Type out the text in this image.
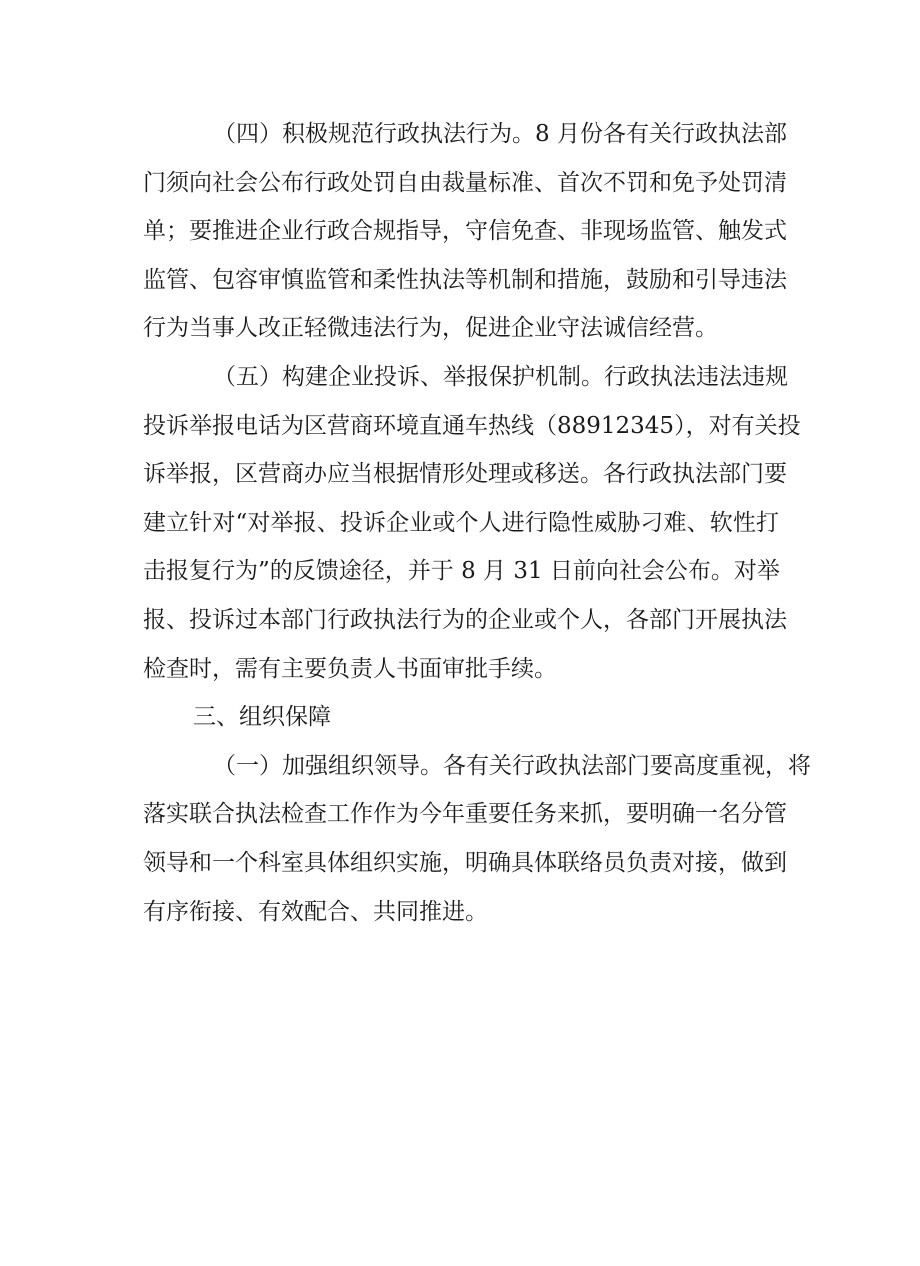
（四）积极规范行政执法行为。8 月份各有关行政执法部
门须向社会公布行政处罚自由裁量标准、首次不罚和免予处罚清
单；要推进企业行政合规指导，守信免查、非现场监管、触发式
监管、包容审慎监管和柔性执法等机制和措施，鼓励和引导违法
行为当事人改正轻微违法行为，促进企业守法诚信经营。
（五）构建企业投诉、举报保护机制。行政执法违法违规
投诉举报电话为区营商环境直通车热线（88912345），对有关投
诉举报，区营商办应当根据情形处理或移送。各行政执法部门要
建立针对“对举报、投诉企业或个人进行隐性威胁刁难、软性打
击报复行为”的反馈途径，并于 8 月 31 日前向社会公布。对举
报、投诉过本部门行政执法行为的企业或个人，各部门开展执法
检查时，需有主要负责人书面审批手续。
三、组织保障
（一）加强组织领导。各有关行政执法部门要高度重视，将
落实联合执法检查工作作为今年重要任务来抓，要明确一名分管
领导和一个科室具体组织实施，明确具体联络员负责对接，做到
有序衔接、有效配合、共同推进。
